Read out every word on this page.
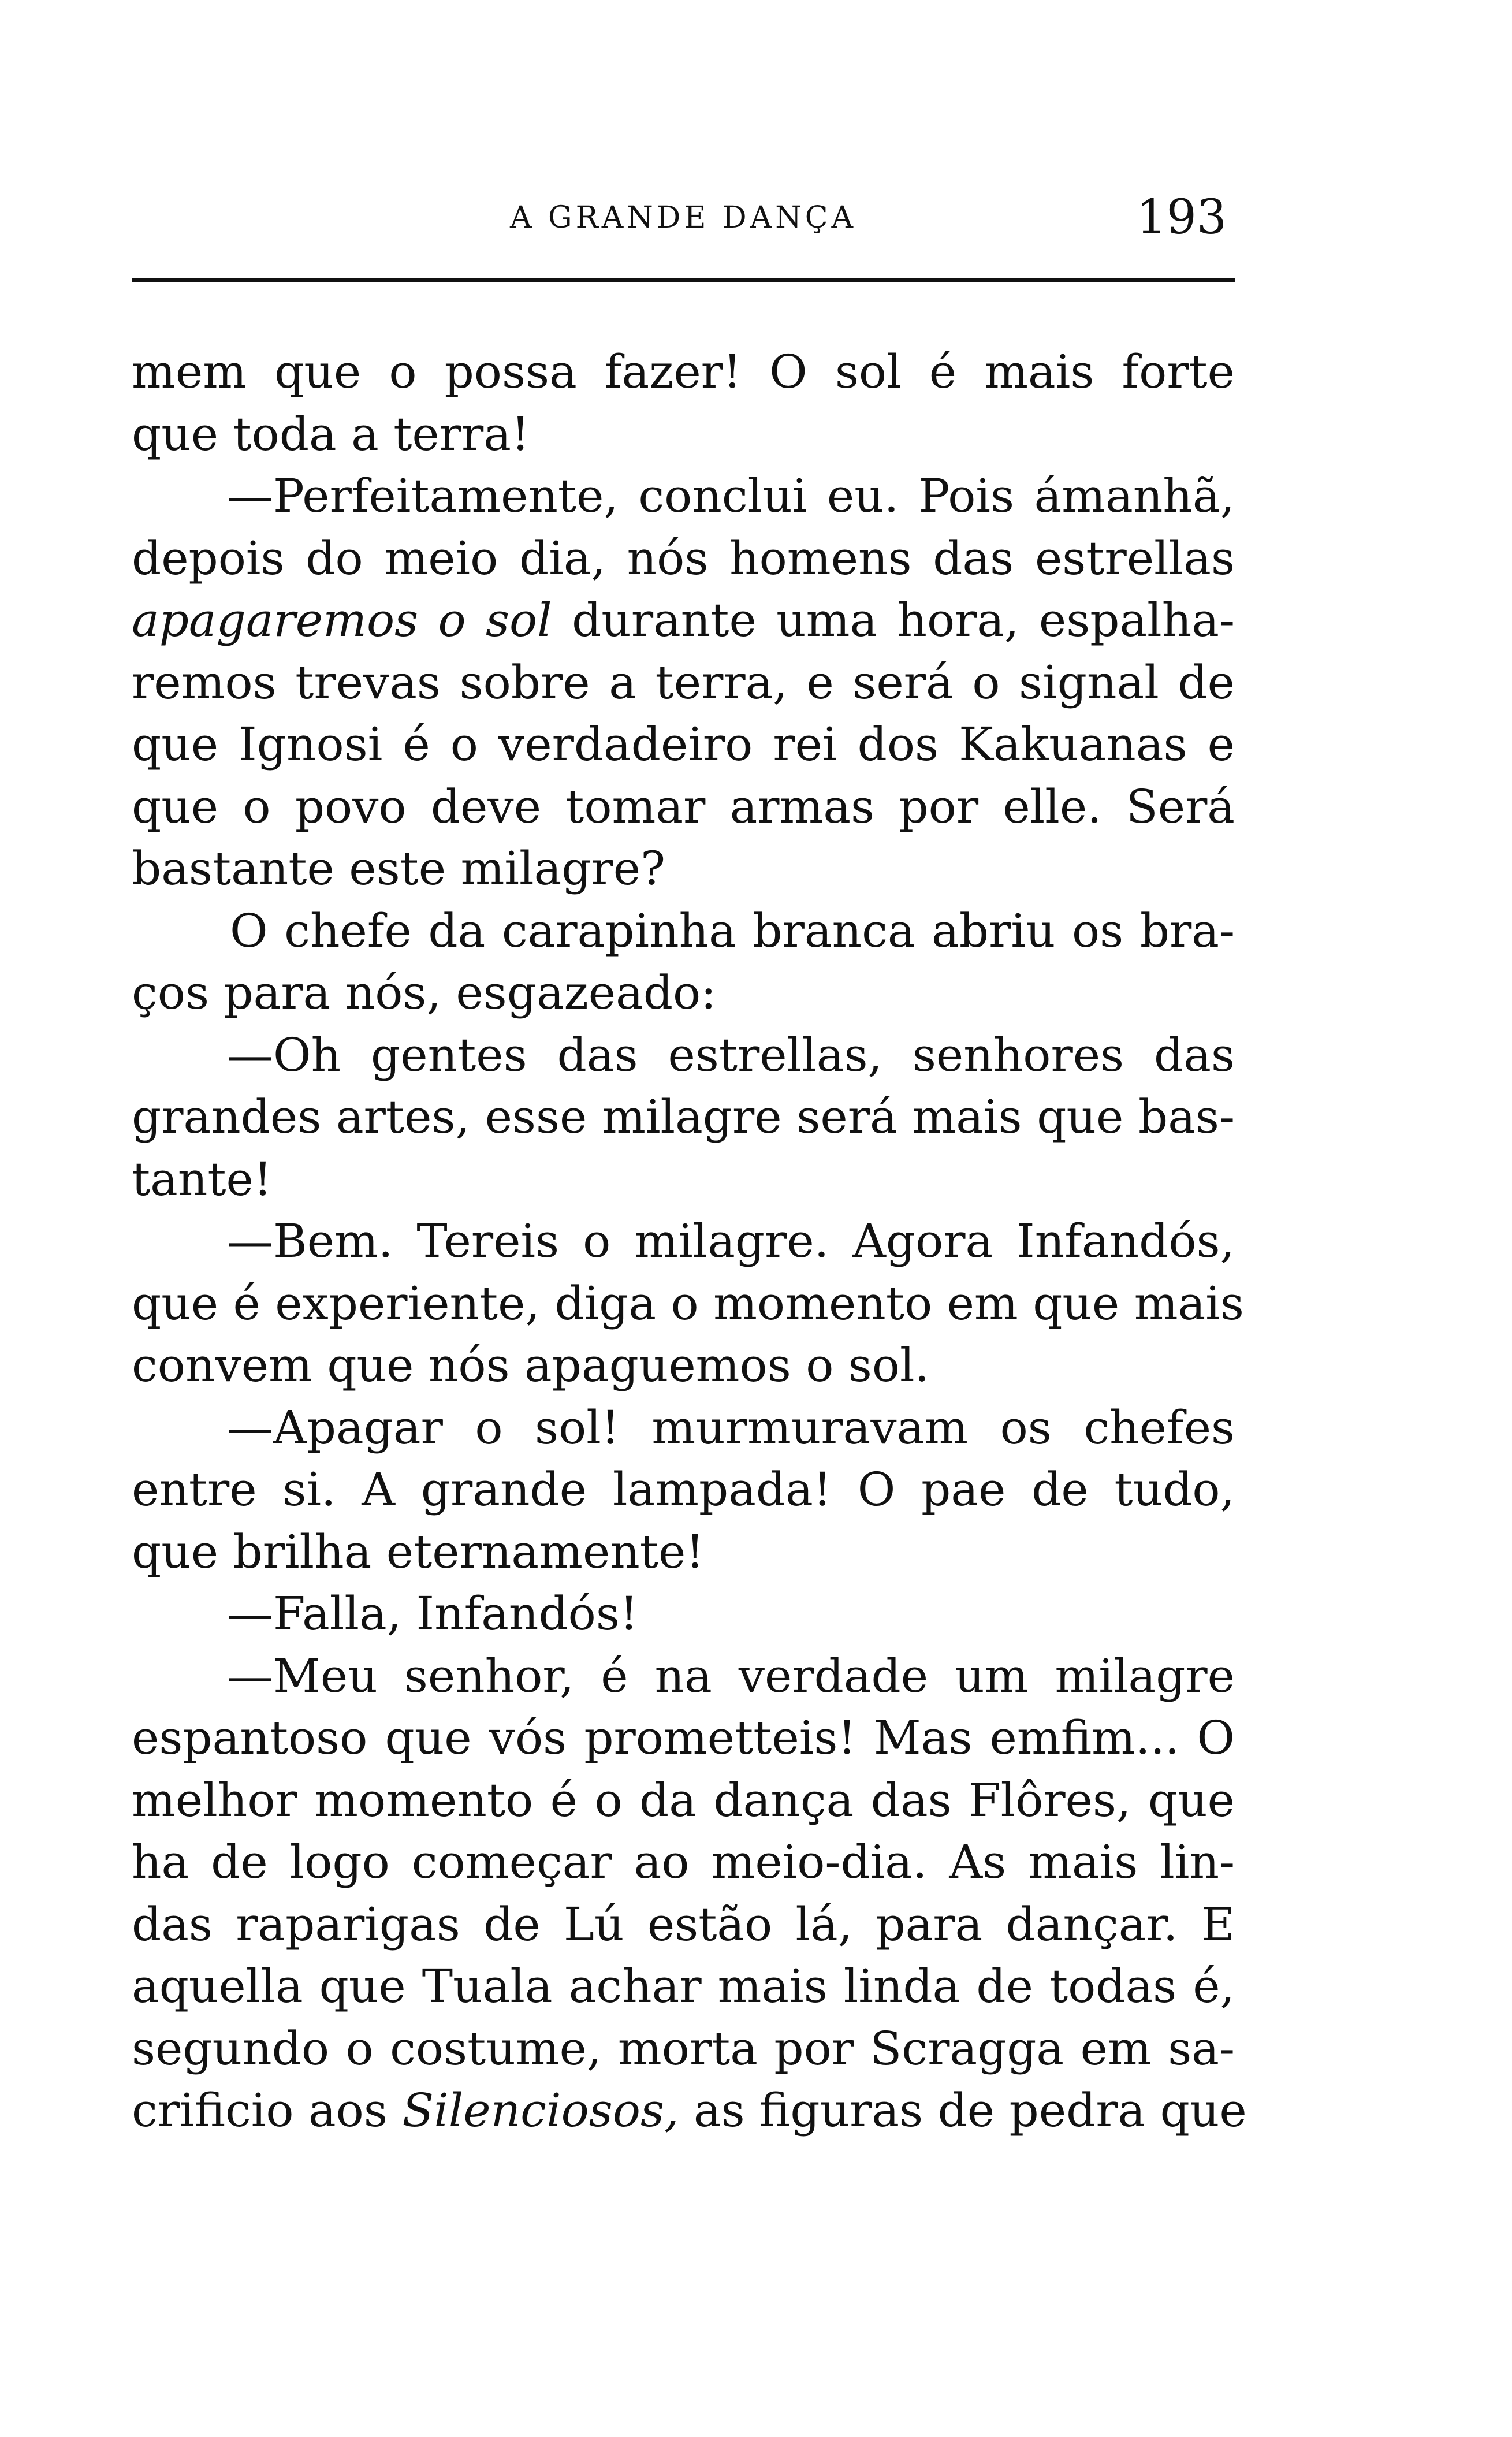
A GRANDE DANÇA	193
mem que o possa fazer! O sol é mais forte
que toda a terra!
—Perfeitamente, conclui eu. Pois ámanhã,
depois do meio dia, nós homens das estrellas
apagaremos o sol durante uma hora, espalha-
remos trevas sobre a terra, e será o signal de
que Ignosi é o verdadeiro rei dos Kakuanas e
que o povo deve tomar armas por elle. Será
bastante este milagre?
O chefe da carapinha branca abriu os bra-
ços para nós, esgazeado:
—Oh gentes das estrellas, senhores das
grandes artes, esse milagre será mais que bas-
tante!
—Bem. Tereis o milagre. Agora Infandós,
que é experiente, diga o momento em que mais
convem que nós apaguemos o sol.
—Apagar o sol! murmuravam os chefes
entre si. A grande lampada! O pae de tudo,
que brilha eternamente!
—Falla, Infandós!
—Meu senhor, é na verdade um milagre
espantoso que vós prometteis! Mas emfim... O
melhor momento é o da dança das Flôres, que
ha de logo começar ao meio-dia. As mais lin-
das raparigas de Lú estão lá, para dançar. E
aquella que Tuala achar mais linda de todas é,
segundo o costume, morta por Scragga em sa-
crificio aos Silenciosos, as figuras de pedra que
